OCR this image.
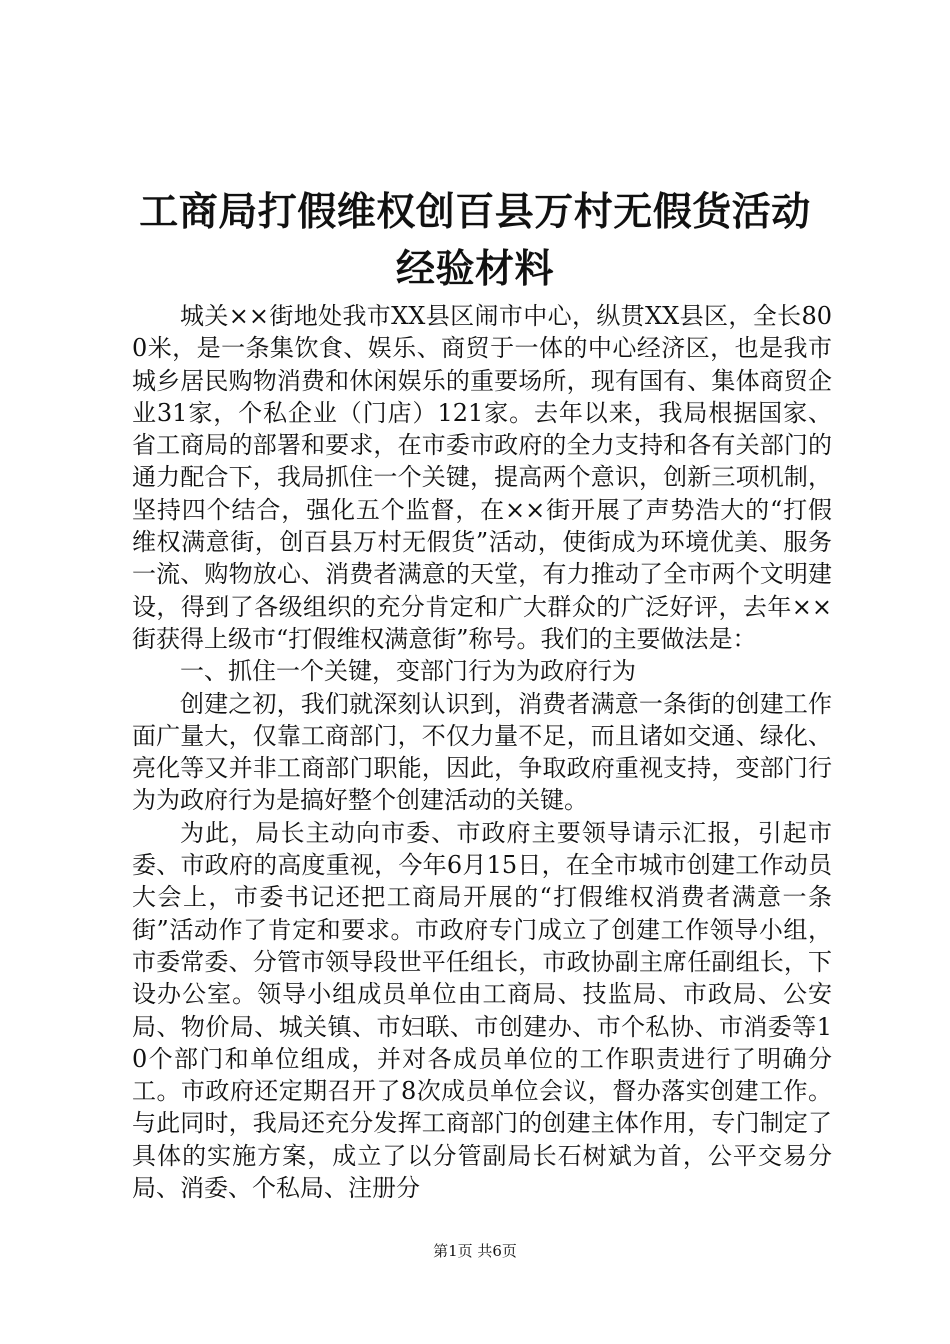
工商局打假维权创百县万村无假货活动经验材料

城关××街地处我市XX县区闹市中心，纵贯XX县区，全长800米，是一条集饮食、娱乐、商贸于一体的中心经济区，也是我市城乡居民购物消费和休闲娱乐的重要场所，现有国有、集体商贸企业31家，个私企业（门店）121家。去年以来，我局根据国家、省工商局的部署和要求，在市委市政府的全力支持和各有关部门的通力配合下，我局抓住一个关键，提高两个意识，创新三项机制，坚持四个结合，强化五个监督，在××街开展了声势浩大的“打假维权满意街，创百县万村无假货”活动，使街成为环境优美、服务一流、购物放心、消费者满意的天堂，有力推动了全市两个文明建设，得到了各级组织的充分肯定和广大群众的广泛好评，去年××街获得上级市“打假维权满意街”称号。我们的主要做法是：

一、抓住一个关键，变部门行为为政府行为

创建之初，我们就深刻认识到，消费者满意一条街的创建工作面广量大，仅靠工商部门，不仅力量不足，而且诸如交通、绿化、亮化等又并非工商部门职能，因此，争取政府重视支持，变部门行为为政府行为是搞好整个创建活动的关键。

为此，局长主动向市委、市政府主要领导请示汇报，引起市委、市政府的高度重视，今年6月15日，在全市城市创建工作动员大会上，市委书记还把工商局开展的“打假维权消费者满意一条街”活动作了肯定和要求。市政府专门成立了创建工作领导小组，市委常委、分管市领导段世平任组长，市政协副主席任副组长，下设办公室。领导小组成员单位由工商局、技监局、市政局、公安局、物价局、城关镇、市妇联、市创建办、市个私协、市消委等10个部门和单位组成，并对各成员单位的工作职责进行了明确分工。市政府还定期召开了8次成员单位会议，督办落实创建工作。与此同时，我局还充分发挥工商部门的创建主体作用，专门制定了具体的实施方案，成立了以分管副局长石树斌为首，公平交易分局、消委、个私局、注册分

第1页 共6页
